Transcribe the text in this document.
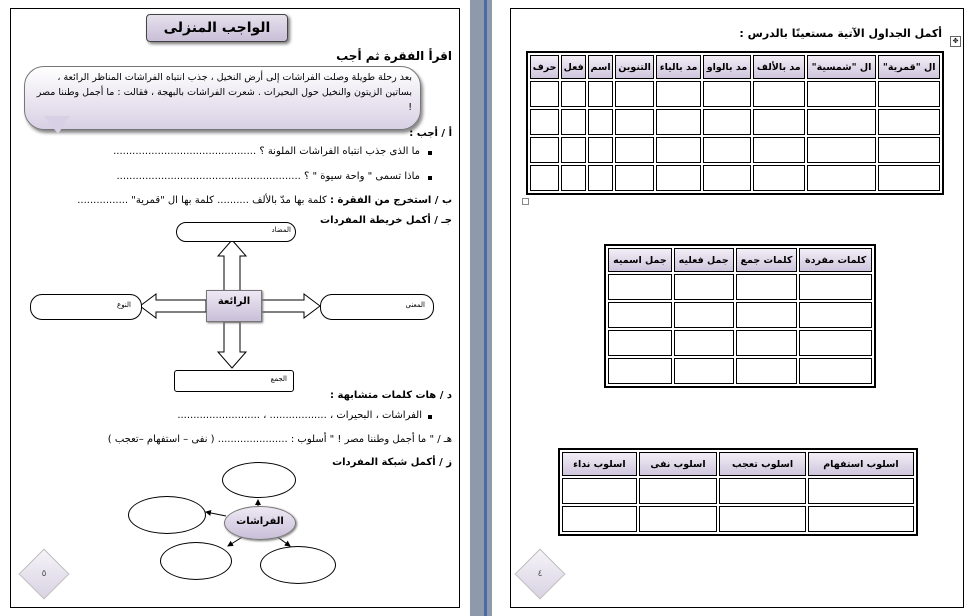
الواجب المنزلى
اقرأ الفقرة ثم أجب
بعد رحلة طويلة وصلت الفراشات إلى أرض النخيل ، جذب انتباه الفراشات المناظر الرائعة ، بساتين الزيتون والنخيل حول البحيرات . شعرت الفراشات بالبهجة ، فقالت : ما أجمل وطننا مصر !
أ / أجب :
ما الذى جذب انتباه الفراشات الملونة ؟ .............................................
ماذا تسمى " واحة سيوة " ؟ ..........................................................
ب / استخرج من الفقرة : كلمة بها مدّ بالألف .......... كلمة بها ال "قمرية" ................
جـ / أكمل خريطة المفردات
المضاد
المعنى
النوع
الجمع
الرائعة
د / هات كلمات متشابهة :
الفراشات ، البحيرات ، .................. ، ..........................
هـ / " ما أجمل وطننا مصر ! " أسلوب : ...................... ( نفى – استفهام –تعجب )
ز / أكمل شبكة المفردات
الفراشات
٥
أكمل الجداول الآتية مستعينًا بالدرس :
✥
ال "قمرية"	ال "شمسية"	مد بالألف	مد بالواو	مد بالياء	التنوين	اسم	فعل	حرف

كلمات مفردة	كلمات جمع	جمل فعليه	جمل اسميه

اسلوب استفهام	اسلوب تعجب	اسلوب نفى	اسلوب نداء

٤
